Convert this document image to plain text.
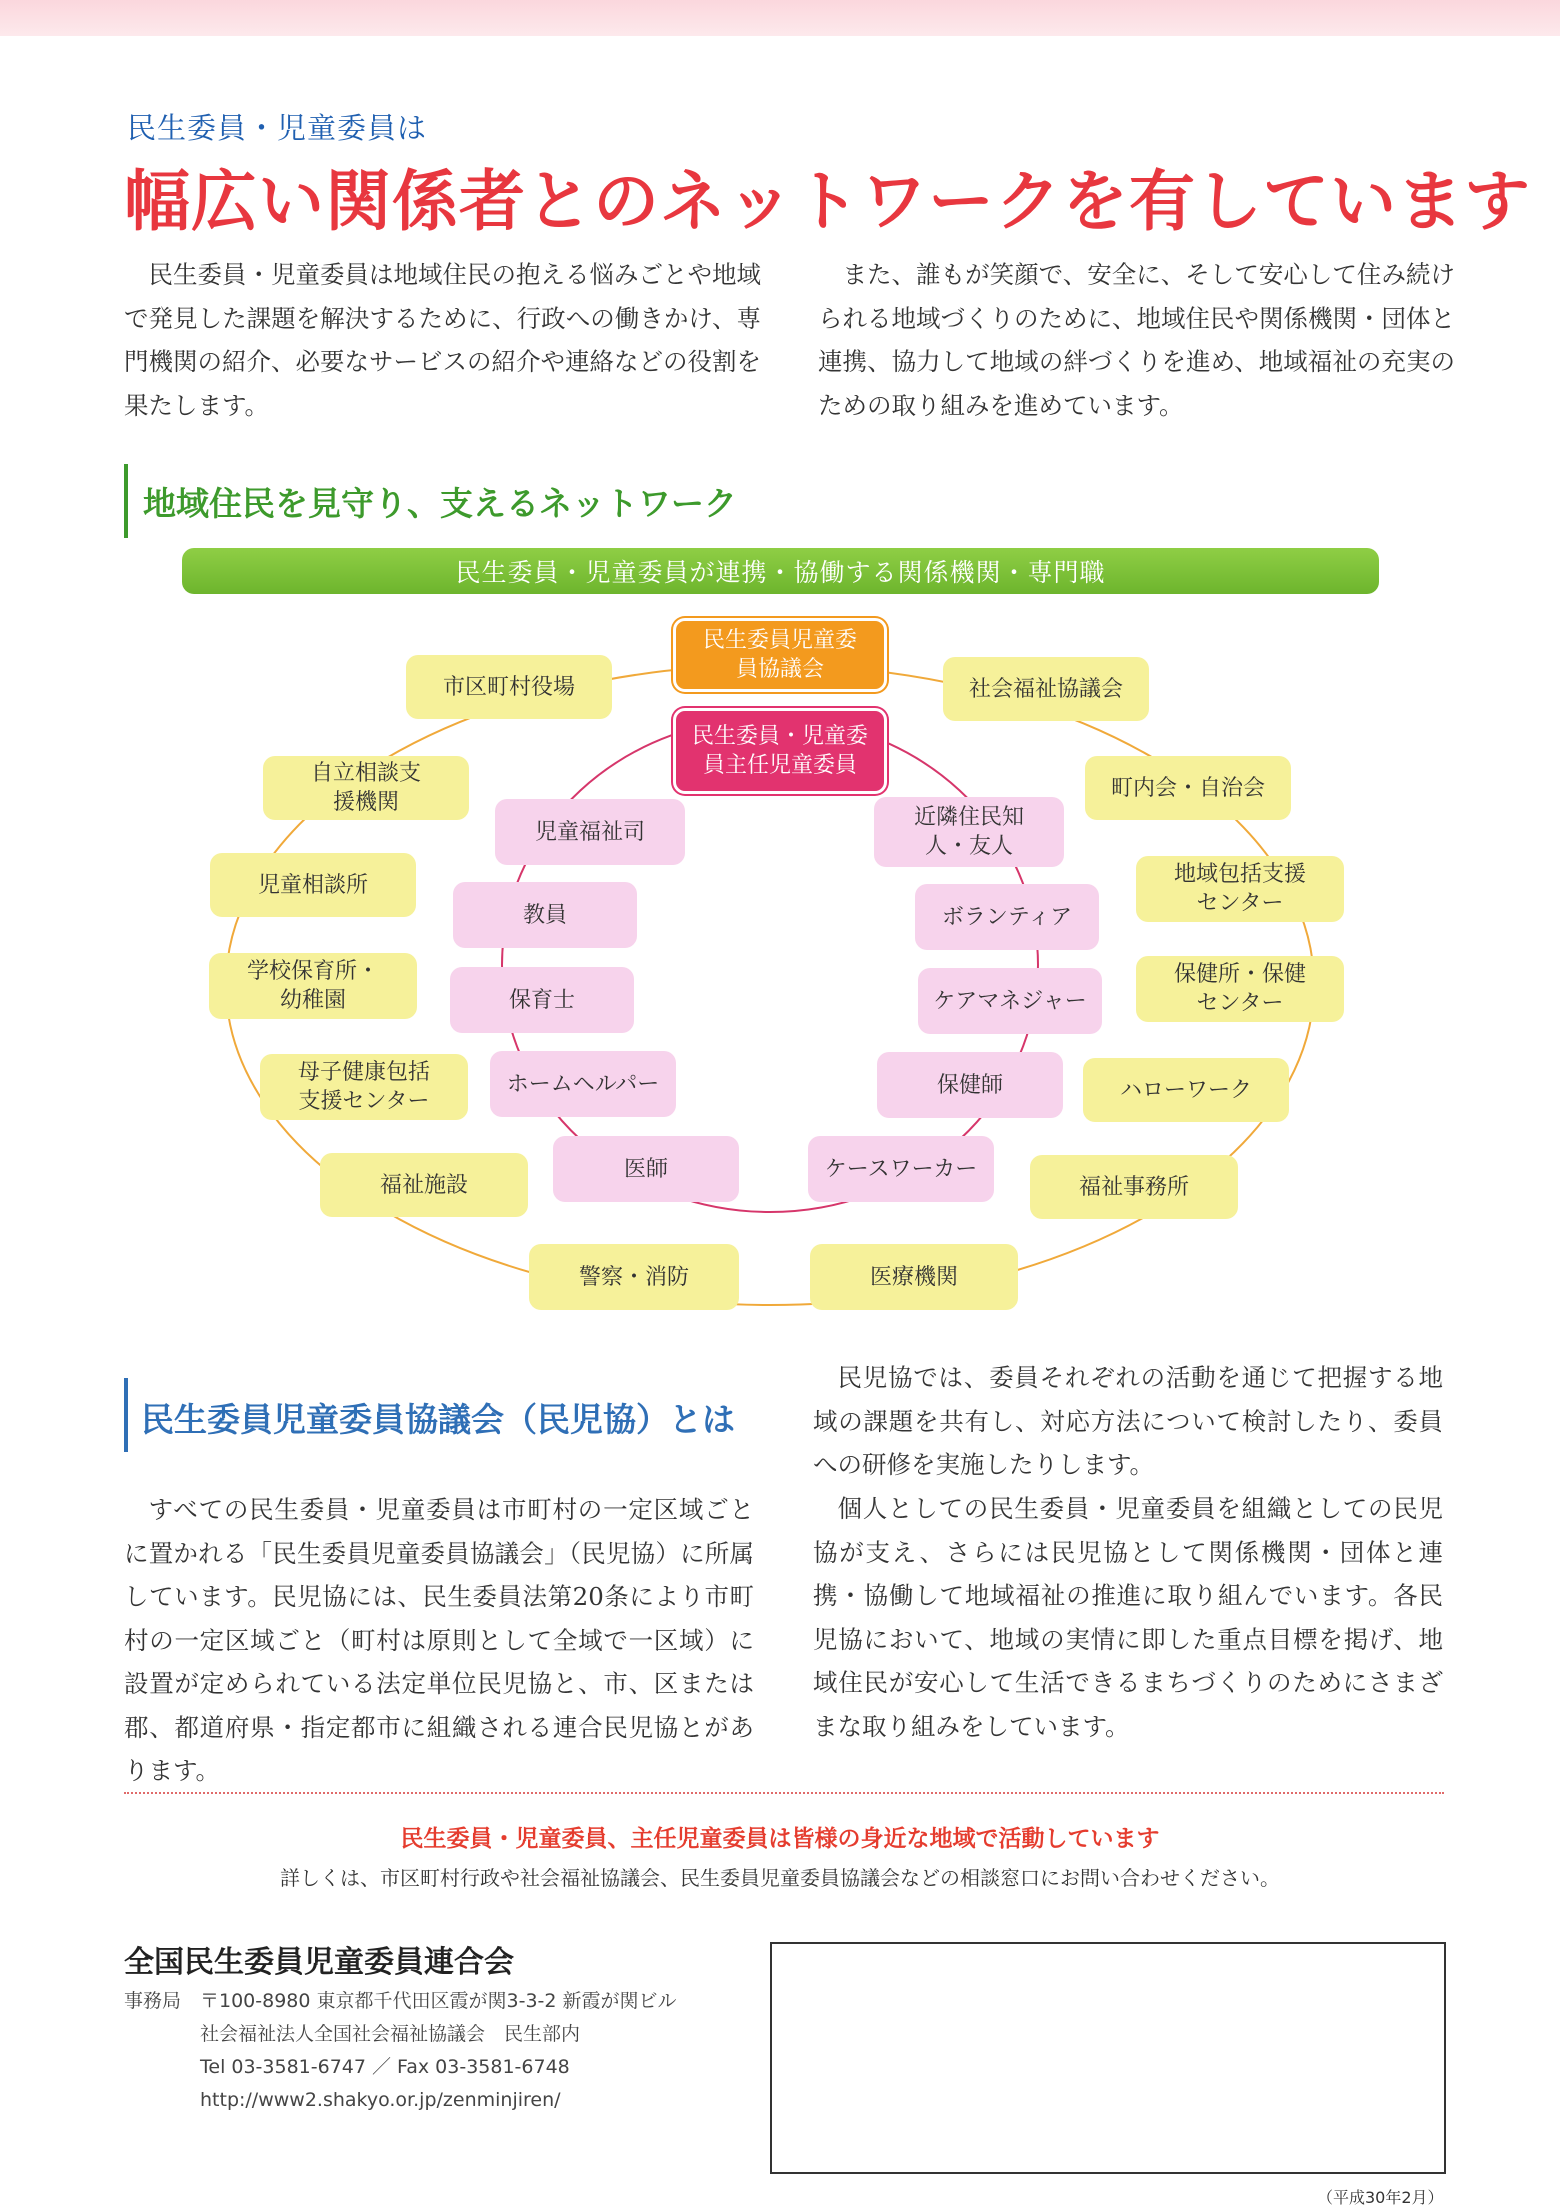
民生委員・児童委員は
幅広い関係者とのネットワークを有しています
民生委員・児童委員は地域住民の抱える悩みごとや地域で発見した課題を解決するために、行政への働きかけ、専門機関の紹介、必要なサービスの紹介や連絡などの役割を果たします。
また、誰もが笑顔で、安全に、そして安心して住み続けられる地域づくりのために、地域住民や関係機関・団体と連携、協力して地域の絆づくりを進め、地域福祉の充実のための取り組みを進めています。
地域住民を見守り、支えるネットワーク
民生委員・児童委員が連携・協働する関係機関・専門職
民生委員児童委員協議会
民生委員・児童委員主任児童委員
市区町村役場	社会福祉協議会
自立相談支援機関
町内会・自治会
児童相談所	地域包括支援センター
学校保育所・幼稚園
保健所・保健センター
母子健康包括支援センター	ハローワーク
福祉施設	福祉事務所
警察・消防	医療機関
児童福祉司
近隣住民知人・友人
教員	ボランティア
保育士	ケアマネジャー
ホームヘルパー	保健師
医師	ケースワーカー
民生委員児童委員協議会（民児協）とは
すべての民生委員・児童委員は市町村の一定区域ごとに置かれる「民生委員児童委員協議会」（民児協）に所属しています。民児協には、民生委員法第20条により市町村の一定区域ごと（町村は原則として全域で一区域）に設置が定められている法定単位民児協と、市、区または郡、都道府県・指定都市に組織される連合民児協とがあります。
民児協では、委員それぞれの活動を通じて把握する地域の課題を共有し、対応方法について検討したり、委員への研修を実施したりします。
個人としての民生委員・児童委員を組織としての民児協が支え、さらには民児協として関係機関・団体と連携・協働して地域福祉の推進に取り組んでいます。各民児協において、地域の実情に即した重点目標を掲げ、地域住民が安心して生活できるまちづくりのためにさまざまな取り組みをしています。
民生委員・児童委員、主任児童委員は皆様の身近な地域で活動しています
詳しくは、市区町村行政や社会福祉協議会、民生委員児童委員協議会などの相談窓口にお問い合わせください。
全国民生委員児童委員連合会
事務局 〒100-8980 東京都千代田区霞が関3-3-2 新霞が関ビル
社会福祉法人全国社会福祉協議会　民生部内
Tel 03-3581-6747 ／ Fax 03-3581-6748
http://www2.shakyo.or.jp/zenminjiren/
（平成30年2月）
